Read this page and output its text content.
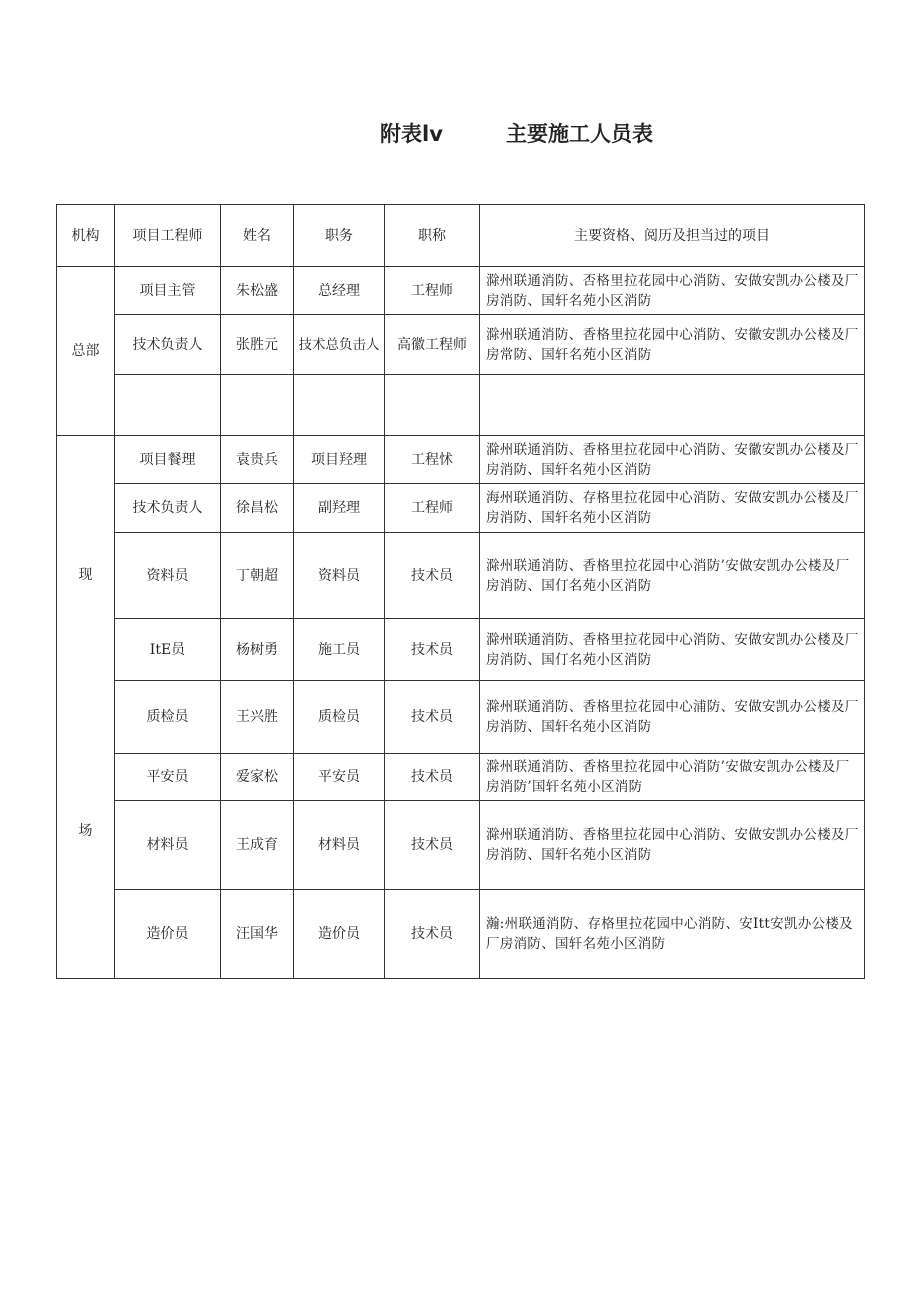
附表lv	主要施工人员表
机构	项目工程师	姓名	职务	职称	主要资格、阅历及担当过的项目
总部	项目主管	朱松盛	总经理	工程师	滁州联通消防、否格里拉花园中心消防、安做安凯办公楼及厂房消防、国轩名苑小区消防
	技术负责人	张胜元	技术总负击人	高徽工程师	滁州联通消防、香格里拉花园中心消防、安徽安凯办公楼及厂房常防、国轩名苑小区消防

现
场	项目餐理	袁贵兵	项目羟理	工程怵	滁州联通消防、香格里拉花园中心消防、安徽安凯办公楼及厂房消防、国轩名苑小区消防
	技术负责人	徐昌松	副羟理	工程师	海州联通消防、存格里拉花园中心消防、安做安凯办公楼及厂房消防、国轩名苑小区消防
	资料员	丁朝超	资料员	技术员	滁州联通消防、香格里拉花园中心消防’安做安凯办公楼及厂房消防、国仃名苑小区消防
	ItE员	杨树勇	施工员	技术员	滁州联通消防、香格里拉花园中心消防、安做安凯办公楼及厂房消防、国仃名苑小区消防
	质检员	王兴胜	质检员	技术员	滁州联通消防、香格里拉花园中心浦防、安做安凯办公楼及厂房消防、国轩名苑小区消防
	平安员	爱家松	平安员	技术员	滁州联通消防、香格里拉花园中心消防’安做安凯办公楼及厂房消防’国轩名苑小区消防
	材料员	王成育	材料员	技术员	滁州联通消防、香格里拉花园中心消防、安做安凯办公楼及厂房消防、国轩名苑小区消防
	造价员	汪国华	造价员	技术员	瀚:州联通消防、存格里拉花园中心消防、安Itt安凯办公楼及厂房消防、国轩名苑小区消防
